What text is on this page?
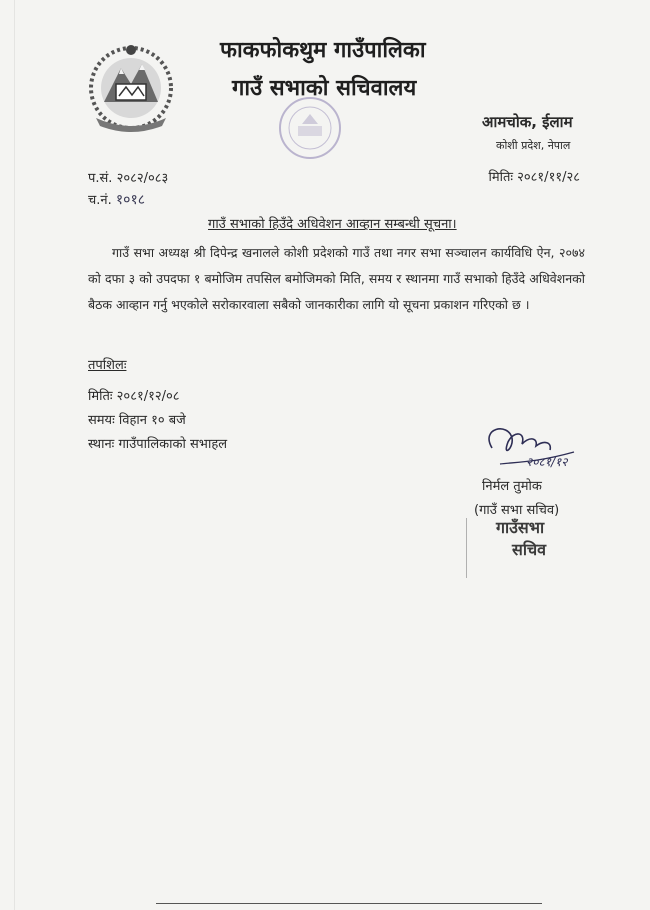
फाकफोकथुम गाउँपालिका
गाउँ सभाको सचिवालय
आमचोक, ईलाम
कोशी प्रदेश, नेपाल
प.सं. २०८२/०८३
च.नं. १०१८
मितिः २०८१/११/२८
गाउँ सभाको हिउँदे अधिवेशन आव्हान सम्बन्धी सूचना।
गाउँ सभा अध्यक्ष श्री दिपेन्द्र खनालले कोशी प्रदेशको गाउँ तथा नगर सभा सञ्चालन कार्यविधि ऐन, २०७४ को दफा ३ को उपदफा १ बमोजिम तपसिल बमोजिमको मिति, समय र स्थानमा गाउँ सभाको हिउँदे अधिवेशनको बैठक आव्हान गर्नु भएकोले सरोकारवाला सबैको जानकारीका लागि यो सूचना प्रकाशन गरिएको छ ।
तपशिलः
मितिः २०८१/१२/०८
समयः विहान १० बजे
स्थानः गाउँपालिकाको सभाहल
२०८१/१२
निर्मल तुमोक
(गाउँ सभा सचिव)
गाउँसभा
सचिव
